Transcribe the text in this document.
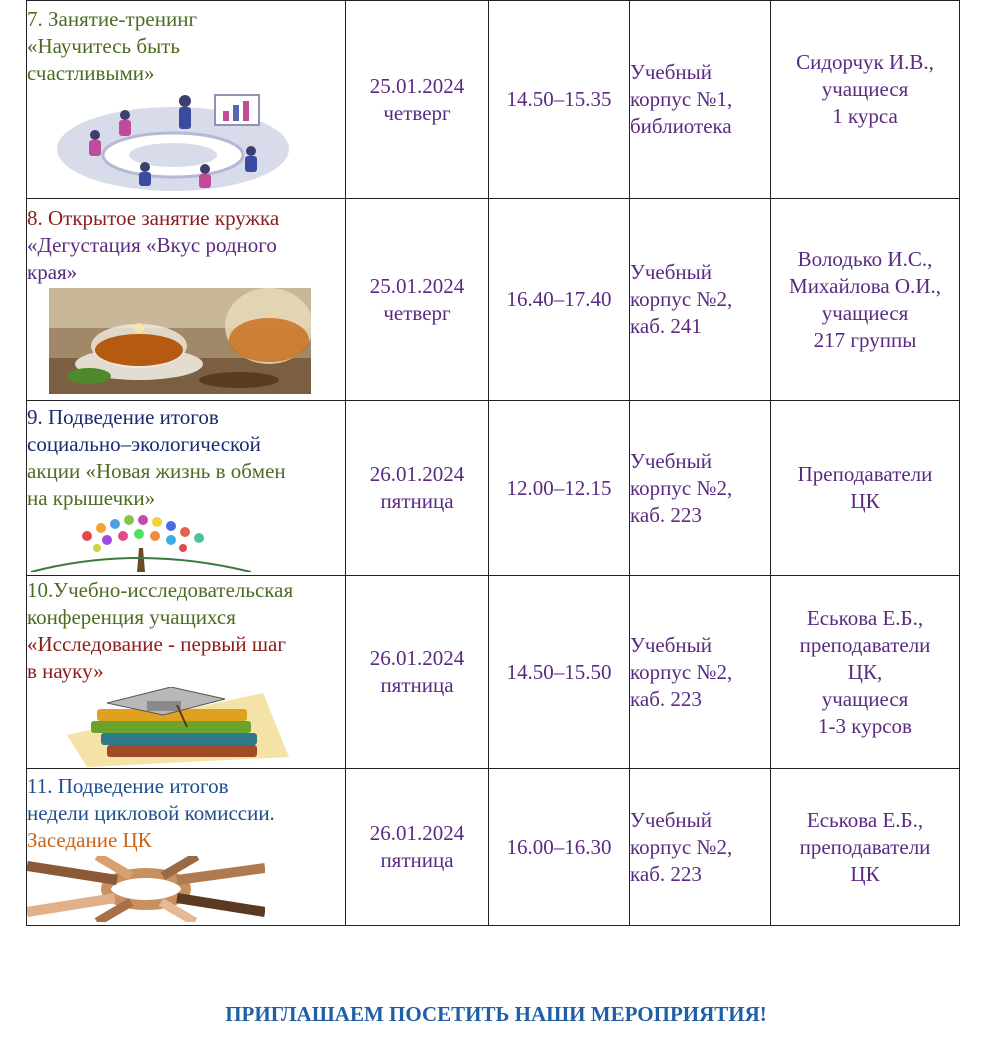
7. Занятие-тренинг
«Научитесь быть
счастливыми»	25.01.2024
четверг	14.50–15.35	Учебный
корпус №1,
библиотека	Сидорчук И.В.,
учащиеся
1 курса

8. Открытое занятие кружка
«Дегустация «Вкус родного
края»	25.01.2024
четверг	16.40–17.40	Учебный
корпус №2,
каб. 241	Володько И.С.,
Михайлова О.И.,
учащиеся
217 группы

9. Подведение итогов
социально–экологической
акции «Новая жизнь в обмен
на крышечки»	26.01.2024
пятница	12.00–12.15	Учебный
корпус №2,
каб. 223	Преподаватели
ЦК

10.Учебно-исследовательская
конференция учащихся
«Исследование - первый шаг
в науку»	26.01.2024
пятница	14.50–15.50	Учебный
корпус №2,
каб. 223	Еськова Е.Б.,
преподаватели
ЦК,
учащиеся
1-3 курсов

11. Подведение итогов
недели цикловой комиссии.
Заседание ЦК	26.01.2024
пятница	16.00–16.30	Учебный
корпус №2,
каб. 223	Еськова Е.Б.,
преподаватели
ЦК
ПРИГЛАШАЕМ ПОСЕТИТЬ НАШИ МЕРОПРИЯТИЯ!
